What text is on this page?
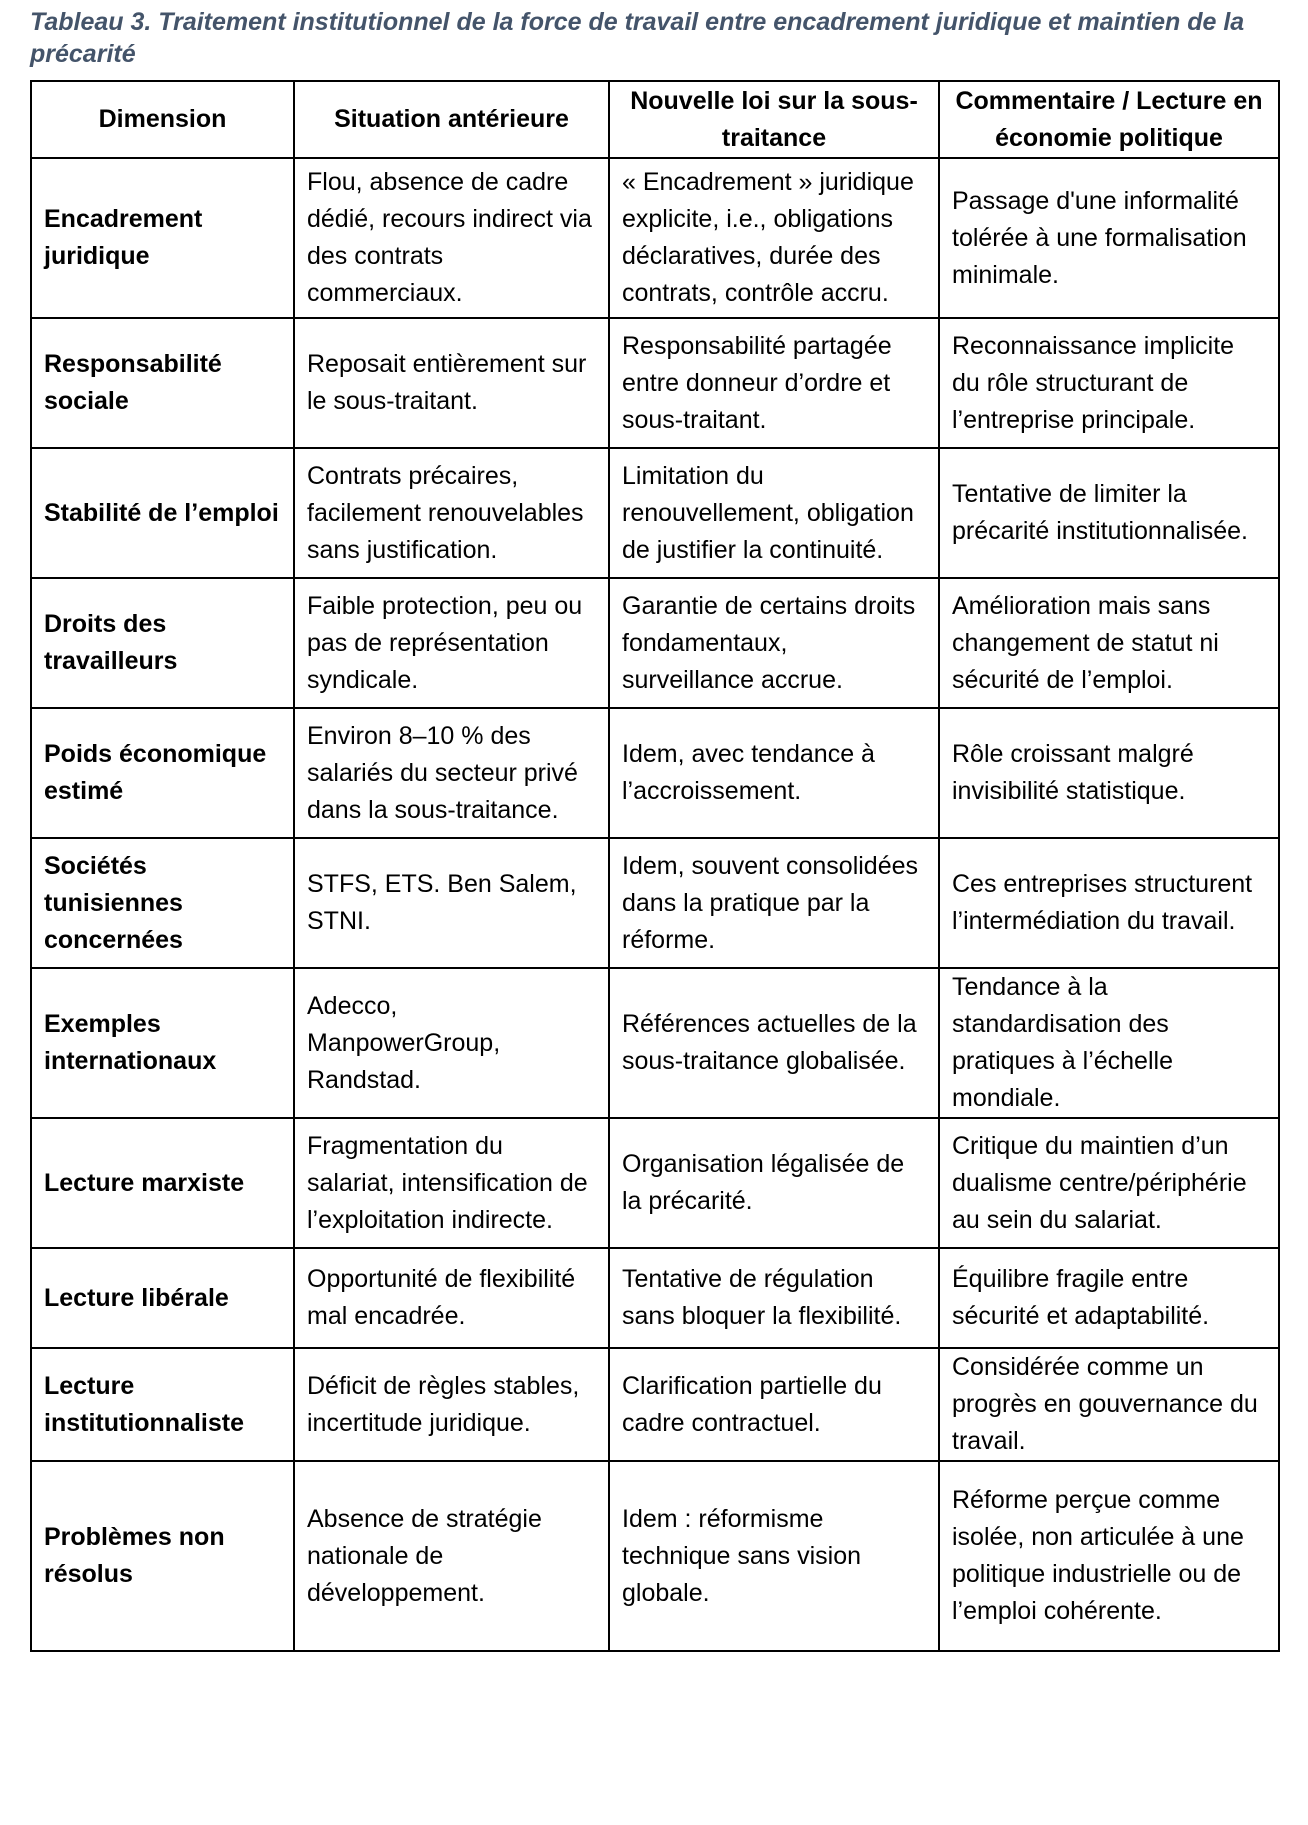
Tableau 3. Traitement institutionnel de la force de travail entre encadrement juridique et maintien de la précarité

Dimension	Situation antérieure	Nouvelle loi sur la sous-traitance	Commentaire / Lecture en économie politique
Encadrement juridique	Flou, absence de cadre dédié, recours indirect via des contrats commerciaux.	« Encadrement » juridique explicite, i.e., obligations déclaratives, durée des contrats, contrôle accru.	Passage d'une informalité tolérée à une formalisation minimale.
Responsabilité sociale	Reposait entièrement sur le sous-traitant.	Responsabilité partagée entre donneur d’ordre et sous-traitant.	Reconnaissance implicite du rôle structurant de l’entreprise principale.
Stabilité de l’emploi	Contrats précaires, facilement renouvelables sans justification.	Limitation du renouvellement, obligation de justifier la continuité.	Tentative de limiter la précarité institutionnalisée.
Droits des travailleurs	Faible protection, peu ou pas de représentation syndicale.	Garantie de certains droits fondamentaux, surveillance accrue.	Amélioration mais sans changement de statut ni sécurité de l’emploi.
Poids économique estimé	Environ 8–10 % des salariés du secteur privé dans la sous-traitance.	Idem, avec tendance à l’accroissement.	Rôle croissant malgré invisibilité statistique.
Sociétés tunisiennes concernées	STFS, ETS. Ben Salem, STNI.	Idem, souvent consolidées dans la pratique par la réforme.	Ces entreprises structurent l’intermédiation du travail.
Exemples internationaux	Adecco, ManpowerGroup, Randstad.	Références actuelles de la sous-traitance globalisée.	Tendance à la standardisation des pratiques à l’échelle mondiale.
Lecture marxiste	Fragmentation du salariat, intensification de l’exploitation indirecte.	Organisation légalisée de la précarité.	Critique du maintien d’un dualisme centre/périphérie au sein du salariat.
Lecture libérale	Opportunité de flexibilité mal encadrée.	Tentative de régulation sans bloquer la flexibilité.	Équilibre fragile entre sécurité et adaptabilité.
Lecture institutionnaliste	Déficit de règles stables, incertitude juridique.	Clarification partielle du cadre contractuel.	Considérée comme un progrès en gouvernance du travail.
Problèmes non résolus	Absence de stratégie nationale de développement.	Idem : réformisme technique sans vision globale.	Réforme perçue comme isolée, non articulée à une politique industrielle ou de l’emploi cohérente.
